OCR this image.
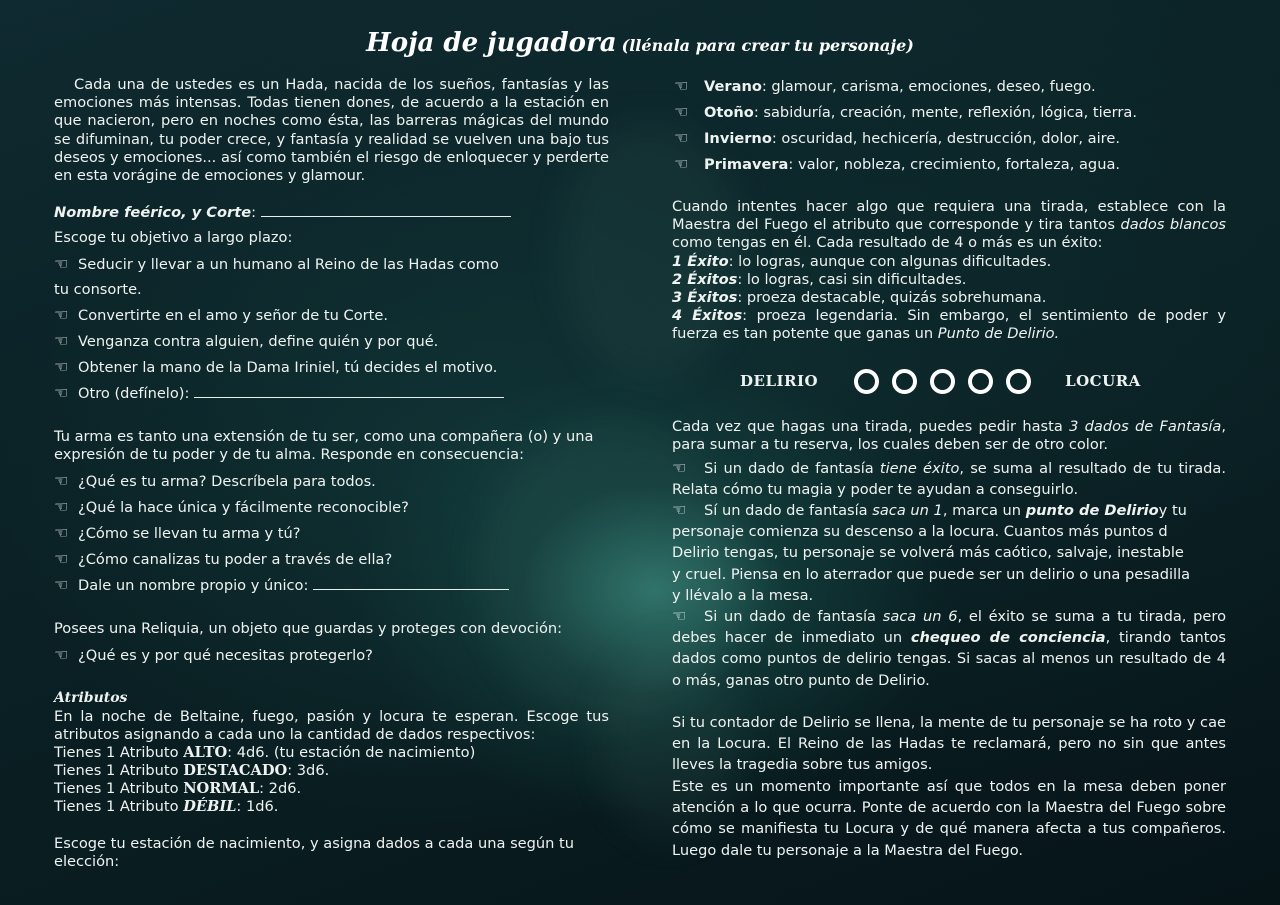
Hoja de jugadora (llénala para crear tu personaje)
Cada una de ustedes es un Hada, nacida de los sueños, fantasías y las emociones más intensas. Todas tienen dones, de acuerdo a la estación en que nacieron, pero en noches como ésta, las barreras mágicas del mundo se difuminan, tu poder crece, y fantasía y realidad se vuelven una bajo tus deseos y emociones... así como también el riesgo de enloquecer y perderte en esta vorágine de emociones y glamour.
Nombre feérico, y Corte:
Escoge tu objetivo a largo plazo:
☜ Seducir y llevar a un humano al Reino de las Hadas como
tu consorte.
☜ Convertirte en el amo y señor de tu Corte.
☜ Venganza contra alguien, define quién y por qué.
☜ Obtener la mano de la Dama Iriniel, tú decides el motivo.
☜ Otro (defínelo):
Tu arma es tanto una extensión de tu ser, como una compañera (o) y una expresión de tu poder y de tu alma. Responde en consecuencia:
☜ ¿Qué es tu arma? Descríbela para todos.
☜ ¿Qué la hace única y fácilmente reconocible?
☜ ¿Cómo se llevan tu arma y tú?
☜ ¿Cómo canalizas tu poder a través de ella?
☜ Dale un nombre propio y único:
Posees una Reliquia, un objeto que guardas y proteges con devoción:
☜ ¿Qué es y por qué necesitas protegerlo?
Atributos
En la noche de Beltaine, fuego, pasión y locura te esperan. Escoge tus atributos asignando a cada uno la cantidad de dados respectivos:
Tienes 1 Atributo ALTO: 4d6. (tu estación de nacimiento)
Tienes 1 Atributo DESTACADO: 3d6.
Tienes 1 Atributo NORMAL: 2d6.
Tienes 1 Atributo DÉBIL: 1d6.
Escoge tu estación de nacimiento, y asigna dados a cada una según tu elección:
☜ Verano: glamour, carisma, emociones, deseo, fuego.
☜ Otoño: sabiduría, creación, mente, reflexión, lógica, tierra.
☜ Invierno: oscuridad, hechicería, destrucción, dolor, aire.
☜ Primavera: valor, nobleza, crecimiento, fortaleza, agua.
Cuando intentes hacer algo que requiera una tirada, establece con la Maestra del Fuego el atributo que corresponde y tira tantos dados blancos como tengas en él. Cada resultado de 4 o más es un éxito:
1 Éxito: lo logras, aunque con algunas dificultades.
2 Éxitos: lo logras, casi sin dificultades.
3 Éxitos: proeza destacable, quizás sobrehumana.
4 Éxitos: proeza legendaria. Sin embargo, el sentimiento de poder y fuerza es tan potente que ganas un Punto de Delirio.
DELIRIO	LOCURA
Cada vez que hagas una tirada, puedes pedir hasta 3 dados de Fantasía, para sumar a tu reserva, los cuales deben ser de otro color.
☜ Si un dado de fantasía tiene éxito, se suma al resultado de tu tirada. Relata cómo tu magia y poder te ayudan a conseguirlo.
☜ Sí un dado de fantasía saca un 1, marca un punto de Delirioy tu personaje comienza su descenso a la locura. Cuantos más puntos d Delirio tengas, tu personaje se volverá más caótico, salvaje, inestable y cruel. Piensa en lo aterrador que puede ser un delirio o una pesadilla y llévalo a la mesa.
☜ Si un dado de fantasía saca un 6, el éxito se suma a tu tirada, pero debes hacer de inmediato un chequeo de conciencia, tirando tantos dados como puntos de delirio tengas. Si sacas al menos un resultado de 4 o más, ganas otro punto de Delirio.
Si tu contador de Delirio se llena, la mente de tu personaje se ha roto y cae en la Locura. El Reino de las Hadas te reclamará, pero no sin que antes lleves la tragedia sobre tus amigos.
Este es un momento importante así que todos en la mesa deben poner atención a lo que ocurra. Ponte de acuerdo con la Maestra del Fuego sobre cómo se manifiesta tu Locura y de qué manera afecta a tus compañeros. Luego dale tu personaje a la Maestra del Fuego.
